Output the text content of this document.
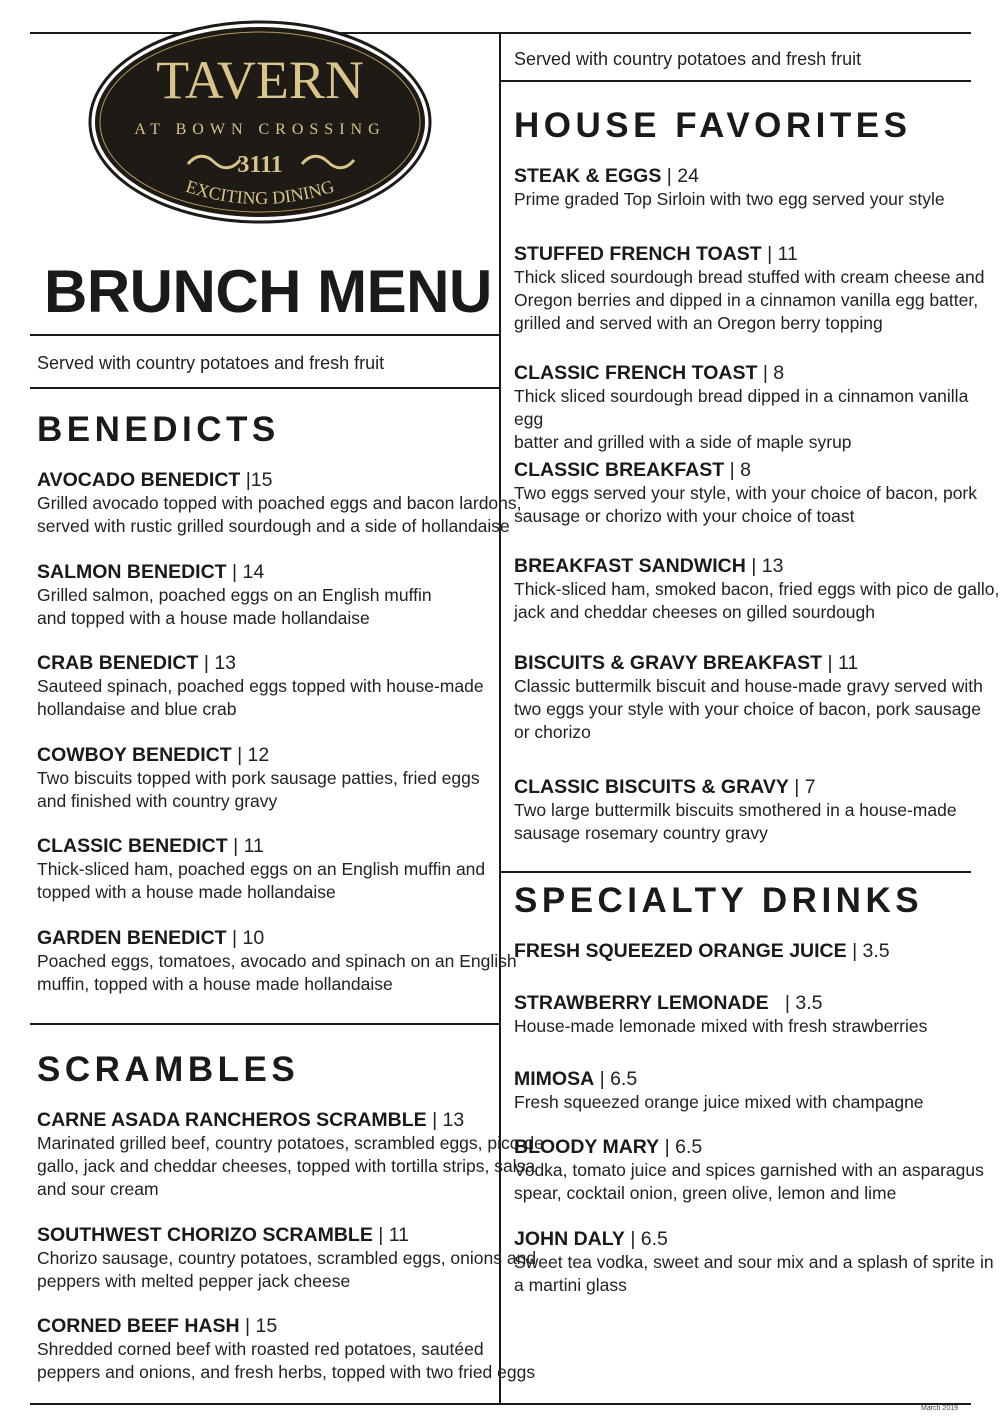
TAVERN
AT BOWN CROSSING
3111
EXCITING DINING
BRUNCH MENU
Served with country potatoes and fresh fruit
Served with country potatoes and fresh fruit
BENEDICTS
SCRAMBLES
HOUSE FAVORITES
SPECIALTY DRINKS
AVOCADO BENEDICT |15
Grilled avocado topped with poached eggs and bacon lardons,
served with rustic grilled sourdough and a side of hollandaise
SALMON BENEDICT | 14
Grilled salmon, poached eggs on an English muffin
and topped with a house made hollandaise
CRAB BENEDICT | 13
Sauteed spinach, poached eggs topped with house-made
hollandaise and blue crab
COWBOY BENEDICT | 12
Two biscuits topped with pork sausage patties, fried eggs
and finished with country gravy
CLASSIC BENEDICT | 11
Thick-sliced ham, poached eggs on an English muffin and
topped with a house made hollandaise
GARDEN BENEDICT | 10
Poached eggs, tomatoes, avocado and spinach on an English
muffin, topped with a house made hollandaise
CARNE ASADA RANCHEROS SCRAMBLE | 13
Marinated grilled beef, country potatoes, scrambled eggs, pico de
gallo, jack and cheddar cheeses, topped with tortilla strips, salsa
and sour cream
SOUTHWEST CHORIZO SCRAMBLE | 11
Chorizo sausage, country potatoes, scrambled eggs, onions and
peppers with melted pepper jack cheese
CORNED BEEF HASH | 15
Shredded corned beef with roasted red potatoes, sautéed
peppers and onions, and fresh herbs, topped with two fried eggs
STEAK & EGGS | 24
Prime graded Top Sirloin with two egg served your style
STUFFED FRENCH TOAST | 11
Thick sliced sourdough bread stuffed with cream cheese and
Oregon berries and dipped in a cinnamon vanilla egg batter,
grilled and served with an Oregon berry topping
CLASSIC FRENCH TOAST | 8
Thick sliced sourdough bread dipped in a cinnamon vanilla egg
batter and grilled with a side of maple syrup
CLASSIC BREAKFAST | 8
Two eggs served your style, with your choice of bacon, pork
sausage or chorizo with your choice of toast
BREAKFAST SANDWICH | 13
Thick-sliced ham, smoked bacon, fried eggs with pico de gallo,
jack and cheddar cheeses on gilled sourdough
BISCUITS & GRAVY BREAKFAST | 11
Classic buttermilk biscuit and house-made gravy served with
two eggs your style with your choice of bacon, pork sausage
or chorizo
CLASSIC BISCUITS & GRAVY | 7
Two large buttermilk biscuits smothered in a house-made
sausage rosemary country gravy
FRESH SQUEEZED ORANGE JUICE | 3.5
STRAWBERRY LEMONADE   | 3.5
House-made lemonade mixed with fresh strawberries
MIMOSA | 6.5
Fresh squeezed orange juice mixed with champagne
BLOODY MARY | 6.5
Vodka, tomato juice and spices garnished with an asparagus
spear, cocktail onion, green olive, lemon and lime
JOHN DALY | 6.5
Sweet tea vodka, sweet and sour mix and a splash of sprite in
a martini glass
March 2019
